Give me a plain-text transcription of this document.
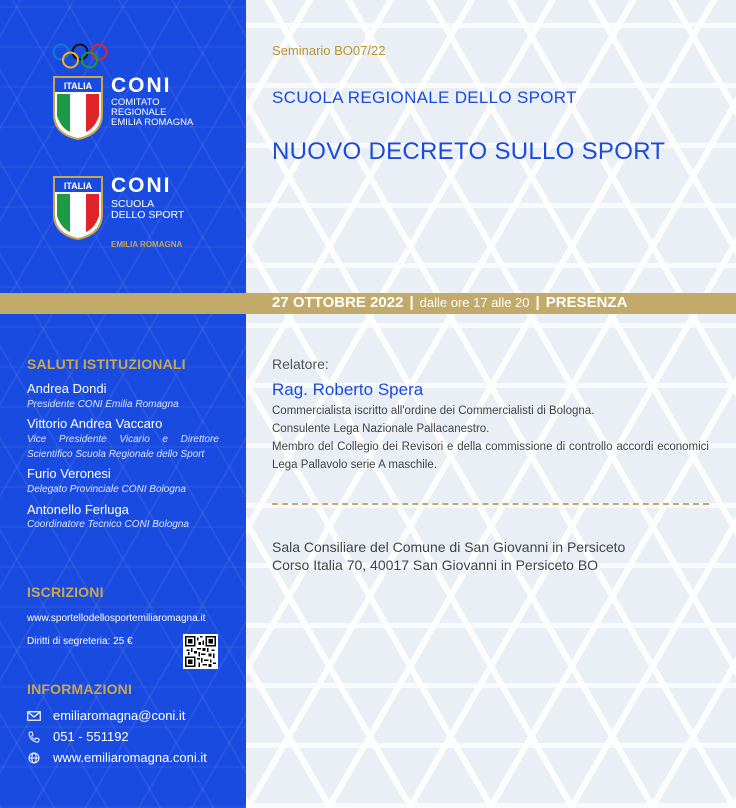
ITALIA CONI
COMITATO
REGIONALE
EMILIA ROMAGNA
ITALIA CONI
SCUOLA
DELLO SPORT
EMILIA ROMAGNA
Seminario BO07/22
SCUOLA REGIONALE DELLO SPORT
NUOVO DECRETO SULLO SPORT
27 OTTOBRE 2022 | dalle ore 17 alle 20 | PRESENZA
SALUTI ISTITUZIONALI
Andrea Dondi
Presidente CONI Emilia Romagna
Vittorio Andrea Vaccaro
Vice Presidente Vicario e Direttore Scientifico Scuola Regionale dello Sport
Furio Veronesi
Delegato Provinciale CONI Bologna
Antonello Ferluga
Coordinatore Tecnico CONI Bologna
ISCRIZIONI
www.sportellodellosportemiliaromagna.it
Diritti di segreteria: 25 €
INFORMAZIONI
emiliaromagna@coni.it
051 - 551192
www.emiliaromagna.coni.it
Relatore:
Rag. Roberto Spera
Commercialista iscritto all'ordine dei Commercialisti di Bologna.
Consulente Lega Nazionale Pallacanestro.
Membro del Collegio dei Revisori e della commissione di controllo accordi economici Lega Pallavolo serie A maschile.
Sala Consiliare del Comune di San Giovanni in Persiceto
Corso Italia 70, 40017 San Giovanni in Persiceto BO
